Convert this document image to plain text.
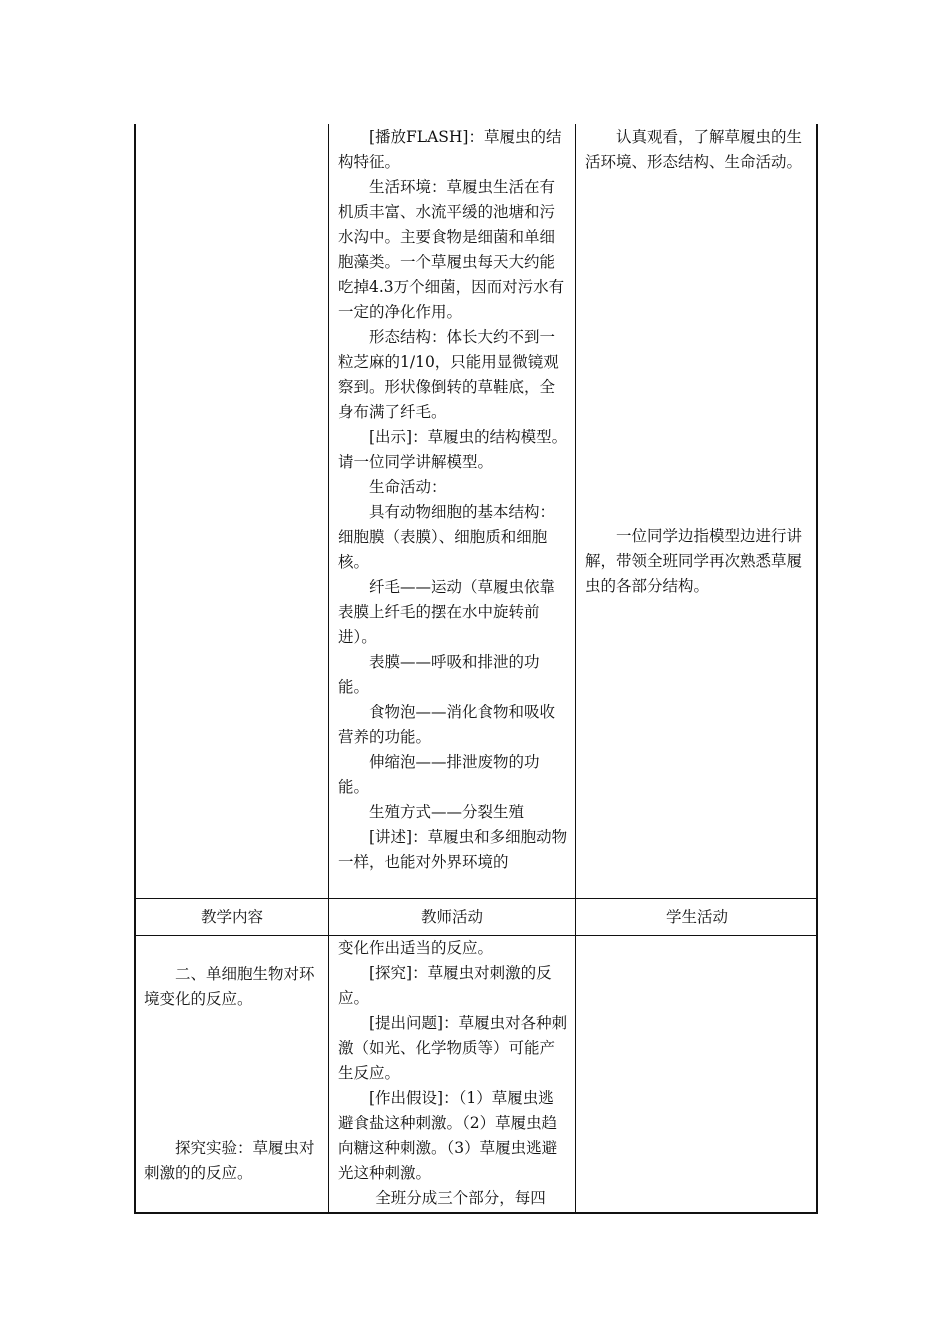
[播放FLASH]：草履虫的结构特征。

生活环境：草履虫生活在有机质丰富、水流平缓的池塘和污水沟中。主要食物是细菌和单细胞藻类。一个草履虫每天大约能吃掉4.3万个细菌，因而对污水有一定的净化作用。

形态结构：体长大约不到一粒芝麻的1/10，只能用显微镜观察到。形状像倒转的草鞋底，全身布满了纤毛。

[出示]：草履虫的结构模型。请一位同学讲解模型。

生命活动：

具有动物细胞的基本结构：细胞膜（表膜）、细胞质和细胞核。

纤毛——运动（草履虫依靠表膜上纤毛的摆在水中旋转前进）。

表膜——呼吸和排泄的功能。

食物泡——消化食物和吸收营养的功能。

伸缩泡——排泄废物的功能。

生殖方式——分裂生殖

[讲述]：草履虫和多细胞动物一样，也能对外界环境的

认真观看，了解草履虫的生活环境、形态结构、生命活动。

一位同学边指模型边进行讲解，带领全班同学再次熟悉草履虫的各部分结构。

教学内容	教师活动	学生活动

二、单细胞生物对环境变化的反应。

探究实验：草履虫对刺激的的反应。

变化作出适当的反应。

[探究]：草履虫对刺激的反应。

[提出问题]：草履虫对各种刺激（如光、化学物质等）可能产生反应。

[作出假设]：（1）草履虫逃避食盐这种刺激。（2）草履虫趋向糖这种刺激。（3）草履虫逃避光这种刺激。

全班分成三个部分，每四
